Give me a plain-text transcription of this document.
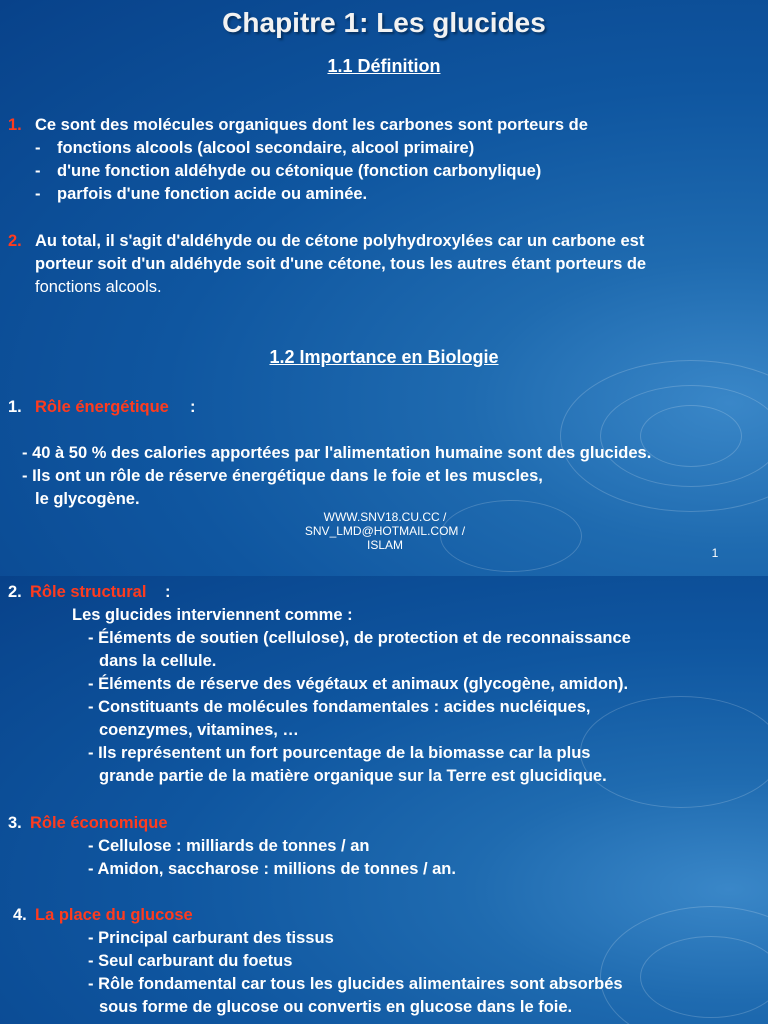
Chapitre 1: Les glucides
1.1 Définition
1. Ce sont des molécules organiques dont les carbones sont porteurs de
- fonctions alcools (alcool secondaire, alcool primaire)
- d'une fonction aldéhyde ou cétonique (fonction carbonylique)
- parfois d'une fonction acide ou aminée.
2. Au total, il s'agit d'aldéhyde ou de cétone polyhydroxylées car un carbone est
porteur soit d'un aldéhyde soit d'une cétone, tous les autres étant porteurs de
fonctions alcools.
1.2 Importance en Biologie
1. Rôle énergétique :
- 40 à 50 % des calories apportées par l'alimentation humaine sont des glucides.
- Ils ont un rôle de réserve énergétique dans le foie et les muscles,
le glycogène.
WWW.SNV18.CU.CC /
SNV_LMD@HOTMAIL.COM /
ISLAM
1
2. Rôle structural :
Les glucides interviennent comme :
- Éléments de soutien (cellulose), de protection et de reconnaissance
dans la cellule.
- Éléments de réserve des végétaux et animaux (glycogène, amidon).
- Constituants de molécules fondamentales : acides nucléiques,
coenzymes, vitamines, …
- Ils représentent un fort pourcentage de la biomasse car la plus
grande partie de la matière organique sur la Terre est glucidique.
3. Rôle économique
- Cellulose : milliards de tonnes / an
- Amidon, saccharose : millions de tonnes / an.
4. La place du glucose
- Principal carburant des tissus
- Seul carburant du foetus
- Rôle fondamental car tous les glucides alimentaires sont absorbés
sous forme de glucose ou convertis en glucose dans le foie.
